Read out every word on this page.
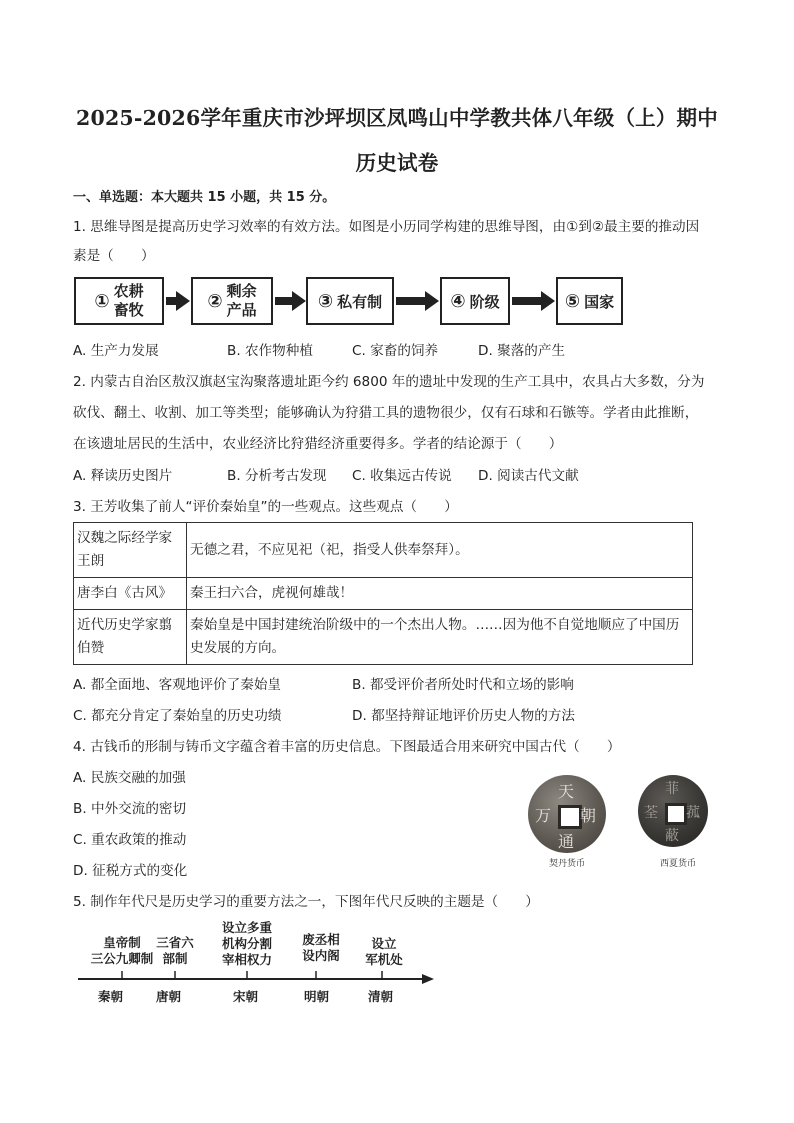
2025-2026学年重庆市沙坪坝区凤鸣山中学教共体八年级（上）期中
历史试卷
一、单选题：本大题共 15 小题，共 15 分。
1. 思维导图是提高历史学习效率的有效方法。如图是小历同学构建的思维导图，由①到②最主要的推动因
素是（　　）
① 农耕
畜牧	② 剩余
产品	③ 私有制	④ 阶级	⑤ 国家
A. 生产力发展	B. 农作物种植	C. 家畜的饲养	D. 聚落的产生
2. 内蒙古自治区敖汉旗赵宝沟聚落遗址距今约 6800 年的遗址中发现的生产工具中，农具占大多数，分为
砍伐、翻土、收割、加工等类型；能够确认为狩猎工具的遗物很少，仅有石球和石镞等。学者由此推断，
在该遗址居民的生活中，农业经济比狩猎经济重要得多。学者的结论源于（　　）
A. 释读历史图片	B. 分析考古发现 C. 收集远古传说 D. 阅读古代文献
3. 王芳收集了前人“评价秦始皇”的一些观点。这些观点（　　）
汉魏之际经学家
王朗	无德之君，不应见祀（祀，指受人供奉祭拜）。
唐李白《古风》	秦王扫六合，虎视何雄哉！
近代历史学家翦
伯赞	秦始皇是中国封建统治阶级中的一个杰出人物。……因为他不自觉地顺应了中国历
史发展的方向。
A. 都全面地、客观地评价了秦始皇	B. 都受评价者所处时代和立场的影响
C. 都充分肯定了秦始皇的历史功绩	D. 都坚持辩证地评价历史人物的方法
4. 古钱币的形制与铸币文字蕴含着丰富的历史信息。下图最适合用来研究中国古代（　　）
A. 民族交融的加强
B. 中外交流的密切
C. 重农政策的推动
D. 征税方式的变化
天
朝
通
万
契丹货币
菲
菰
蔽
荃
西夏货币
5. 制作年代尺是历史学习的重要方法之一，下图年代尺反映的主题是（　　）
皇帝制
三公九卿制
三省六
部制
设立多重
机构分割
宰相权力
废丞相
设内阁
设立
军机处
秦朝	唐朝	宋朝	明朝	清朝
